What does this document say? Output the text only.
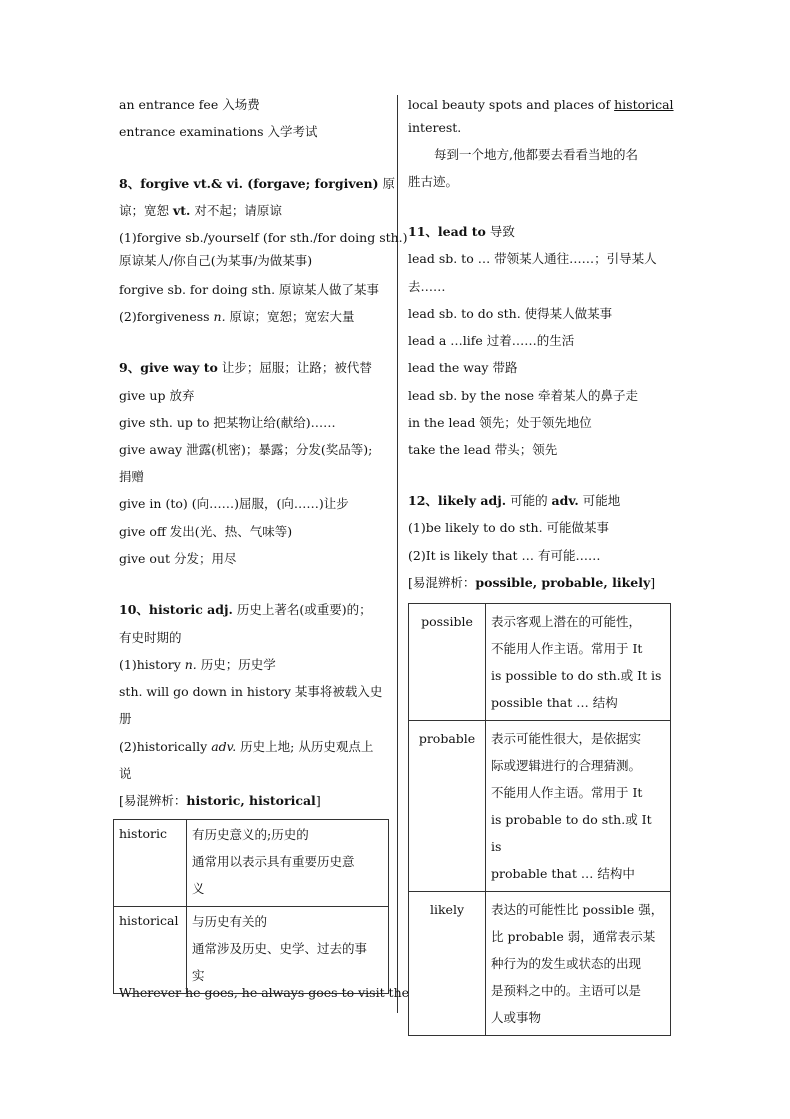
an entrance fee 入场费
entrance examinations 入学考试
8、forgive vt.& vi. (forgave; forgiven) 原
谅；宽恕 vt. 对不起；请原谅
(1)forgive sb./yourself (for sth./for doing sth.)
原谅某人/你自己(为某事/为做某事)
forgive sb. for doing sth. 原谅某人做了某事
(2)forgiveness n. 原谅；宽恕；宽宏大量
9、give way to 让步；屈服；让路；被代替
give up 放弃
give sth. up to 把某物让给(献给)……
give away 泄露(机密)；暴露；分发(奖品等);
捐赠
give in (to) (向……)屈服，(向……)让步
give off 发出(光、热、气味等)
give out 分发；用尽
10、historic adj. 历史上著名(或重要)的；
有史时期的
(1)history n. 历史；历史学
sth. will go down in history 某事将被载入史
册
(2)historically adv. 历史上地; 从历史观点上
说
[易混辨析：historic, historical]
Wherever he goes, he always goes to visit the
historic	有历史意义的;历史的
通常用以表示具有重要历史意
义

historical	与历史有关的
通常涉及历史、史学、过去的事
实
local beauty spots and places of historical
interest.
每到一个地方,他都要去看看当地的名
胜古迹。
11、lead to 导致
lead sb. to … 带领某人通往……；引导某人
去……
lead sb. to do sth. 使得某人做某事
lead a …life 过着……的生活
lead the way 带路
lead sb. by the nose 牵着某人的鼻子走
in the lead 领先；处于领先地位
take the lead 带头；领先
12、likely adj. 可能的 adv. 可能地
(1)be likely to do sth. 可能做某事
(2)It is likely that … 有可能……
[易混辨析：possible, probable, likely]
possible	表示客观上潜在的可能性，
不能用人作主语。常用于 It
is possible to do sth.或 It is
possible that … 结构

probable	表示可能性很大，是依据实
际或逻辑进行的合理猜测。
不能用人作主语。常用于 It
is probable to do sth.或 It is
probable that … 结构中

likely	表达的可能性比 possible 强，
比 probable 弱，通常表示某
种行为的发生或状态的出现
是预料之中的。主语可以是
人或事物
